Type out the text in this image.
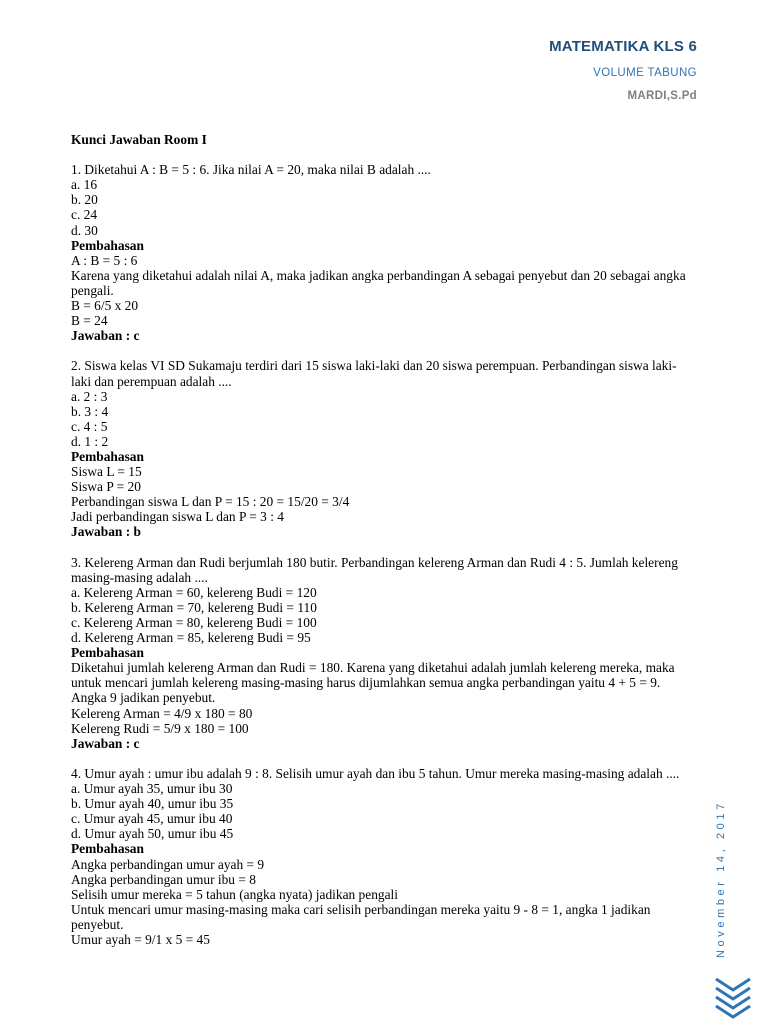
MATEMATIKA KLS 6
VOLUME TABUNG
MARDI,S.Pd

Kunci Jawaban Room I

1. Diketahui A : B = 5 : 6. Jika nilai A = 20, maka nilai B adalah ....

a. 16

b. 20

c. 24

d. 30

Pembahasan

A : B = 5 : 6

Karena yang diketahui adalah nilai A, maka jadikan angka perbandingan A sebagai penyebut dan 20 sebagai angka pengali.

B = 6/5 x 20

B = 24

Jawaban : c

2. Siswa kelas VI SD Sukamaju terdiri dari 15 siswa laki-laki dan 20 siswa perempuan. Perbandingan siswa laki-laki dan perempuan adalah ....

a. 2 : 3

b. 3 : 4

c. 4 : 5

d. 1 : 2

Pembahasan

Siswa L = 15

Siswa P = 20

Perbandingan siswa L dan P = 15 : 20 = 15/20 = 3/4

Jadi perbandingan siswa L dan P = 3 : 4

Jawaban : b

3. Kelereng Arman dan Rudi berjumlah 180 butir. Perbandingan kelereng Arman dan Rudi 4 : 5. Jumlah kelereng masing-masing adalah ....

a. Kelereng Arman = 60, kelereng Budi = 120

b. Kelereng Arman = 70, kelereng Budi = 110

c. Kelereng Arman = 80, kelereng Budi = 100

d. Kelereng Arman = 85, kelereng Budi = 95

Pembahasan

Diketahui jumlah kelereng Arman dan Rudi = 180. Karena yang diketahui adalah jumlah kelereng mereka, maka untuk mencari jumlah kelereng masing-masing harus dijumlahkan semua angka perbandingan yaitu 4 + 5 = 9. Angka 9 jadikan penyebut.

Kelereng Arman = 4/9 x 180 = 80

Kelereng Rudi = 5/9 x 180 = 100

Jawaban : c

4. Umur ayah : umur ibu adalah 9 : 8. Selisih umur ayah dan ibu 5 tahun. Umur mereka masing-masing adalah ....

a. Umur ayah 35, umur ibu 30

b. Umur ayah 40, umur ibu 35

c. Umur ayah 45, umur ibu 40

d. Umur ayah 50, umur ibu 45

Pembahasan

Angka perbandingan umur ayah = 9

Angka perbandingan umur ibu = 8

Selisih umur mereka = 5 tahun (angka nyata) jadikan pengali

Untuk mencari umur masing-masing maka cari selisih perbandingan mereka yaitu 9 - 8 = 1, angka 1 jadikan penyebut.

Umur ayah = 9/1 x 5 = 45	November 14, 2017
